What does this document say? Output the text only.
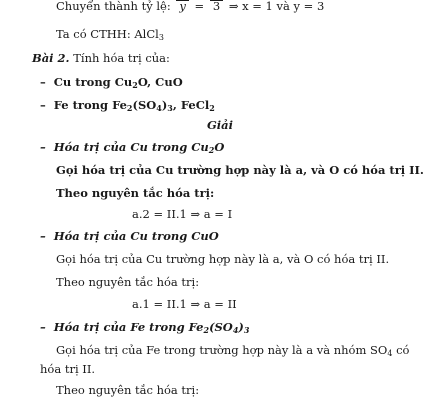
Chuyển thành tỷ lệ: y = 3 ⇒ x = 1 và y = 3
Ta có CTHH: AlCl$_3$
Bài 2. Tính hóa trị của:
– Cu trong $Cu_2O$, CuO
– Fe trong $Fe_2(SO_4)_3$, FeCl$_2$
Giải
– Hóa trị của Cu trong $Cu_2O$
Gọi hóa trị của Cu trường hợp này là a, và O có hóa trị II.
Theo nguyên tắc hóa trị:
a.2 = II.1 ⇒ a = I
– Hóa trị của Cu trong CuO
Gọi hóa trị của Cu trường hợp này là a, và O có hóa trị II.
Theo nguyên tắc hóa trị:
a.1 = II.1 ⇒ a = II
– Hóa trị của Fe trong $Fe_2(SO_4)_3$
Gọi hóa trị của Fe trong trường hợp này là a và nhóm $SO_4$ có
hóa trị II.
Theo nguyên tắc hóa trị:
